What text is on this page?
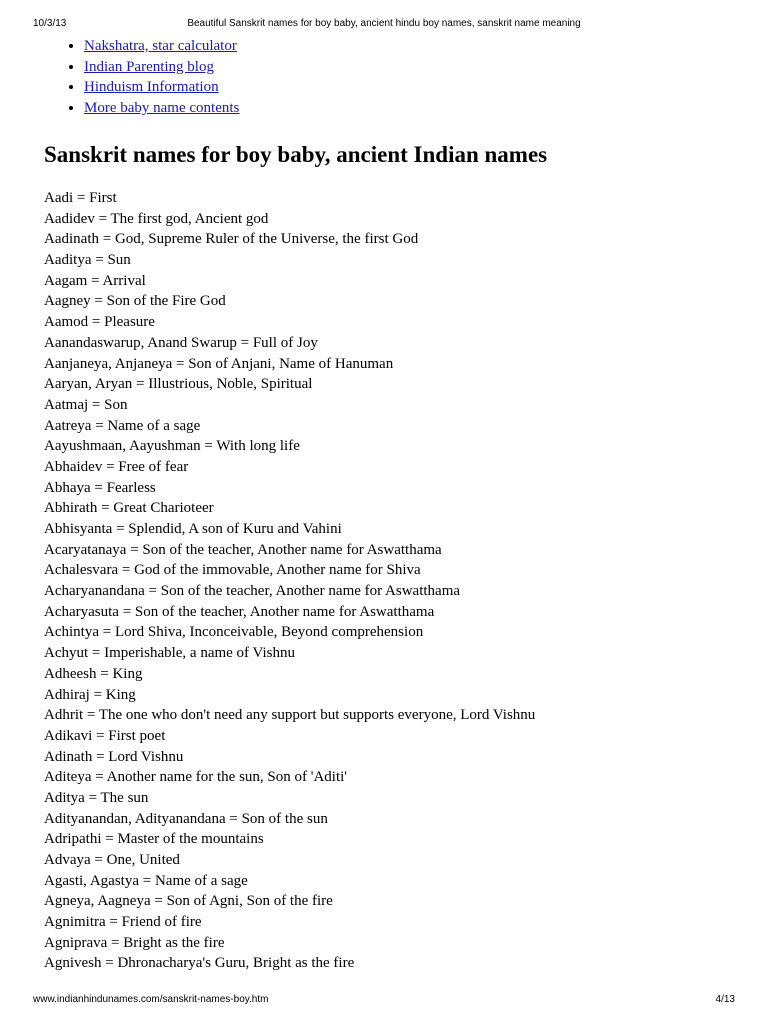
10/3/13	Beautiful Sanskrit names for boy baby, ancient hindu boy names, sanskrit name meaning
• Nakshatra, star calculator
• Indian Parenting blog
• Hinduism Information
• More baby name contents
Sanskrit names for boy baby, ancient Indian names
Aadi = First
Aadidev = The first god, Ancient god
Aadinath = God, Supreme Ruler of the Universe, the first God
Aaditya = Sun
Aagam = Arrival
Aagney = Son of the Fire God
Aamod = Pleasure
Aanandaswarup, Anand Swarup = Full of Joy
Aanjaneya, Anjaneya = Son of Anjani, Name of Hanuman
Aaryan, Aryan = Illustrious, Noble, Spiritual
Aatmaj = Son
Aatreya = Name of a sage
Aayushmaan, Aayushman = With long life
Abhaidev = Free of fear
Abhaya = Fearless
Abhirath = Great Charioteer
Abhisyanta = Splendid, A son of Kuru and Vahini
Acaryatanaya = Son of the teacher, Another name for Aswatthama
Achalesvara = God of the immovable, Another name for Shiva
Acharyanandana = Son of the teacher, Another name for Aswatthama
Acharyasuta = Son of the teacher, Another name for Aswatthama
Achintya = Lord Shiva, Inconceivable, Beyond comprehension
Achyut = Imperishable, a name of Vishnu
Adheesh = King
Adhiraj = King
Adhrit = The one who don't need any support but supports everyone, Lord Vishnu
Adikavi = First poet
Adinath = Lord Vishnu
Aditeya = Another name for the sun, Son of 'Aditi'
Aditya = The sun
Adityanandan, Adityanandana = Son of the sun
Adripathi = Master of the mountains
Advaya = One, United
Agasti, Agastya = Name of a sage
Agneya, Aagneya = Son of Agni, Son of the fire
Agnimitra = Friend of fire
Agniprava = Bright as the fire
Agnivesh = Dhronacharya's Guru, Bright as the fire
www.indianhindunames.com/sanskrit-names-boy.htm	4/13
